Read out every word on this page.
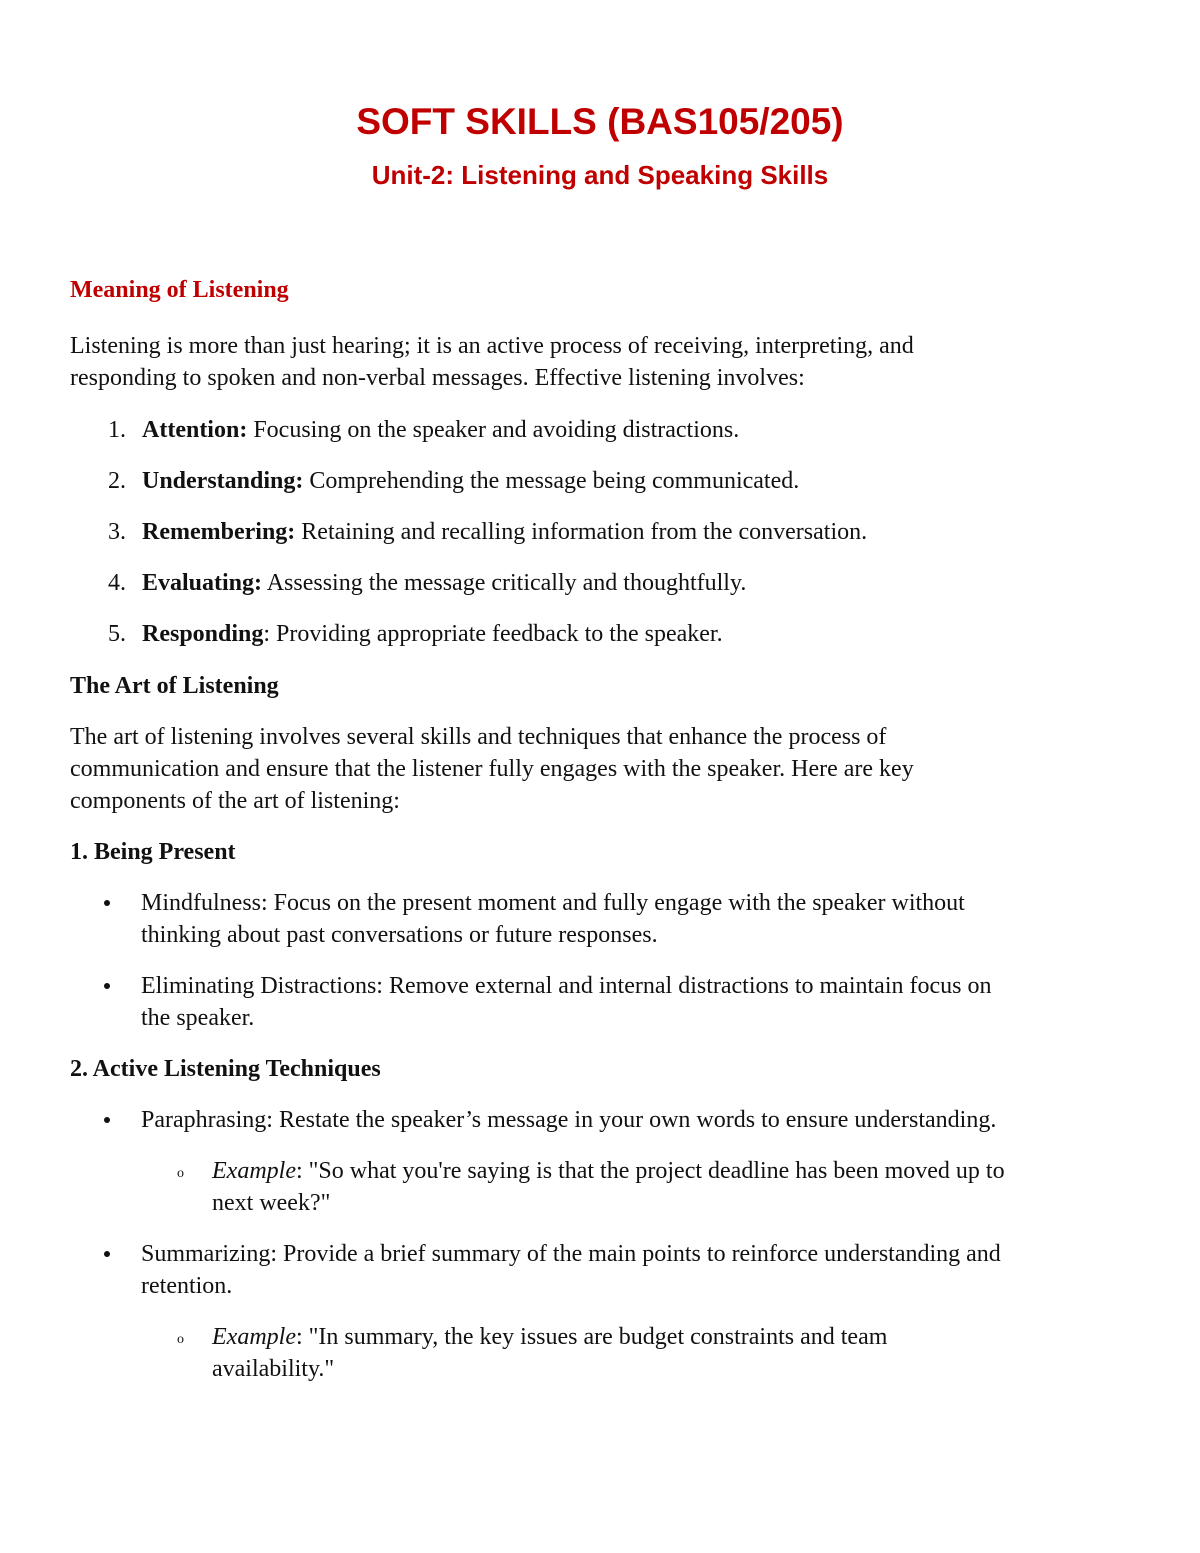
SOFT SKILLS (BAS105/205)
Unit-2: Listening and Speaking Skills
Meaning of Listening

Listening is more than just hearing; it is an active process of receiving, interpreting, and

responding to spoken and non-verbal messages. Effective listening involves:

1. Attention: Focusing on the speaker and avoiding distractions.

2. Understanding: Comprehending the message being communicated.

3. Remembering: Retaining and recalling information from the conversation.

4. Evaluating: Assessing the message critically and thoughtfully.

5. Responding: Providing appropriate feedback to the speaker.

The Art of Listening

The art of listening involves several skills and techniques that enhance the process of

communication and ensure that the listener fully engages with the speaker. Here are key

components of the art of listening:

1. Being Present

Mindfulness: Focus on the present moment and fully engage with the speaker without

thinking about past conversations or future responses.

Eliminating Distractions: Remove external and internal distractions to maintain focus on

the speaker.

2. Active Listening Techniques

Paraphrasing: Restate the speaker’s message in your own words to ensure understanding.

o Example: "So what you're saying is that the project deadline has been moved up to

next week?"

Summarizing: Provide a brief summary of the main points to reinforce understanding and

retention.

o Example: "In summary, the key issues are budget constraints and team

availability."
